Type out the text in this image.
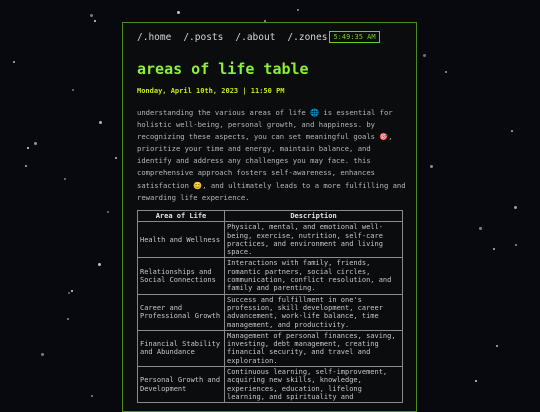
/.home /.posts /.about /.zones 5:49:35 AM
areas of life table
Monday, April 10th, 2023 | 11:50 PM

understanding the various areas of life 🌐 is essential for holistic well-being, personal growth, and happiness. by recognizing these aspects, you can set meaningful goals 🎯, prioritize your time and energy, maintain balance, and identify and address any challenges you may face. this comprehensive approach fosters self-awareness, enhances satisfaction 😊, and ultimately leads to a more fulfilling and rewarding life experience.

Area of Life	Description
Health and Wellness	Physical, mental, and emotional well-being, exercise, nutrition, self-care practices, and environment and living space.
Relationships and Social Connections	Interactions with family, friends, romantic partners, social circles, communication, conflict resolution, and family and parenting.
Career and Professional Growth	Success and fulfillment in one's profession, skill development, career advancement, work-life balance, time management, and productivity.
Financial Stability and Abundance	Management of personal finances, saving, investing, debt management, creating financial security, and travel and exploration.
Personal Growth and Development	Continuous learning, self-improvement, acquiring new skills, knowledge, experiences, education, lifelong learning, and spirituality and
